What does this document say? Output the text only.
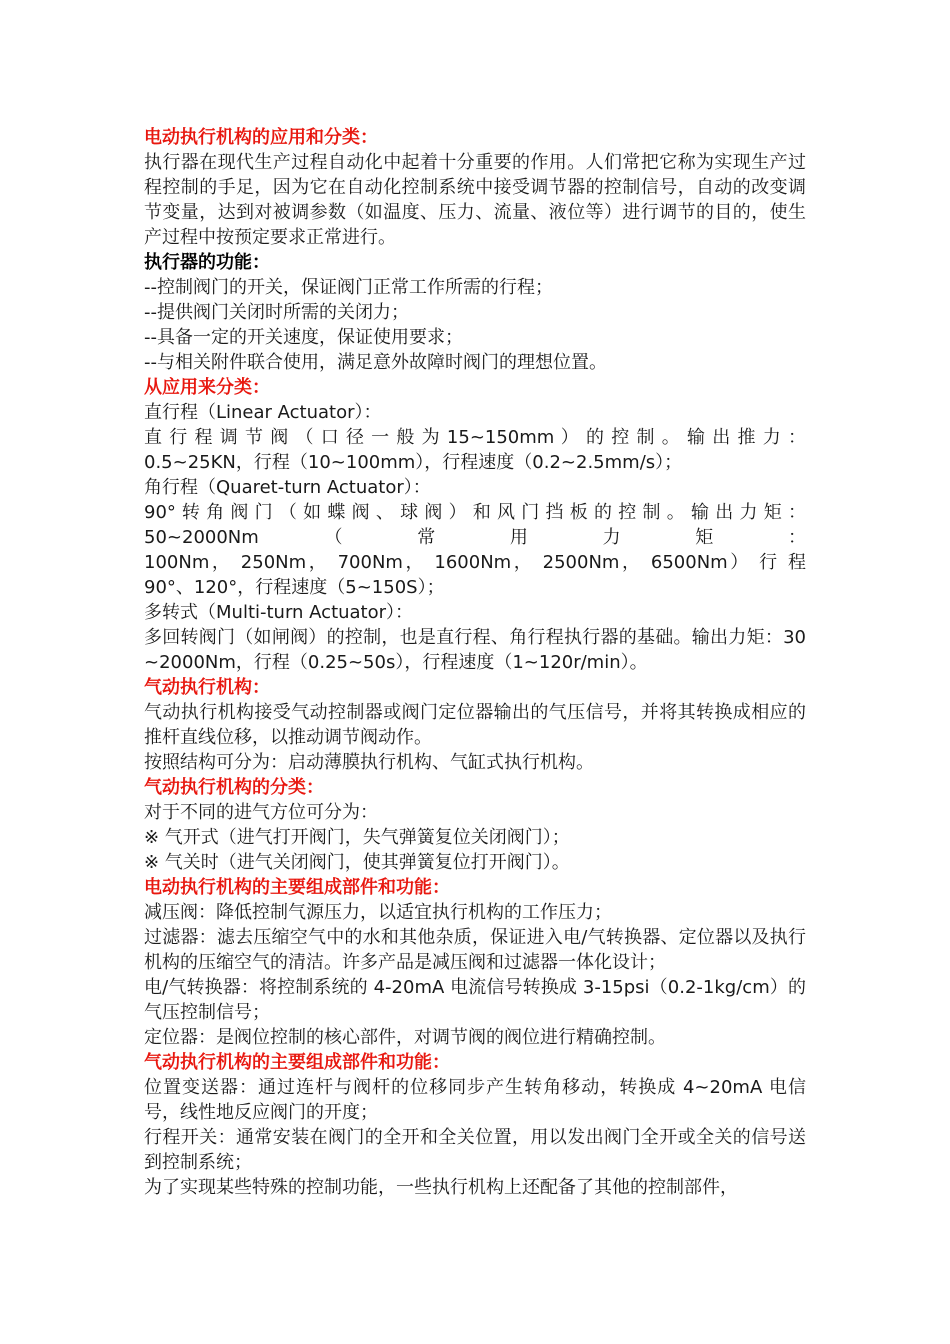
电动执行机构的应用和分类：

执行器在现代生产过程自动化中起着十分重要的作用。人们常把它称为实现生产过程控制的手足，因为它在自动化控制系统中接受调节器的控制信号，自动的改变调节变量，达到对被调参数（如温度、压力、流量、液位等）进行调节的目的，使生产过程中按预定要求正常进行。

执行器的功能：

--控制阀门的开关，保证阀门正常工作所需的行程；

--提供阀门关闭时所需的关闭力；

--具备一定的开关速度，保证使用要求；

--与相关附件联合使用，满足意外故障时阀门的理想位置。

从应用来分类：

直行程（Linear Actuator）：

直 行 程 调 节 阀 （ 口 径 一 般 为 15~150mm ） 的 控 制 。 输 出 推 力 ：

0.5~25KN，行程（10~100mm），行程速度（0.2~2.5mm/s）；

角行程（Quaret-turn Actuator）：

90° 转 角 阀 门 （ 如 蝶 阀 、 球 阀 ） 和 风 门 挡 板 的 控 制 。 输 出 力 矩 ：

50~2000Nm　　　（　　　常　　　用　　　力　　　矩　　　：

100Nm， 250Nm， 700Nm， 1600Nm， 2500Nm， 6500Nm） 行 程

90°、120°，行程速度（5~150S）；

多转式（Multi-turn Actuator）：

多回转阀门（如闸阀）的控制，也是直行程、角行程执行器的基础。输出力矩：30~2000Nm，行程（0.25~50s），行程速度（1~120r/min）。

气动执行机构：

气动执行机构接受气动控制器或阀门定位器输出的气压信号，并将其转换成相应的推杆直线位移，以推动调节阀动作。

按照结构可分为：启动薄膜执行机构、气缸式执行机构。

气动执行机构的分类：

对于不同的进气方位可分为：

※ 气开式（进气打开阀门，失气弹簧复位关闭阀门）；

※ 气关时（进气关闭阀门，使其弹簧复位打开阀门）。

电动执行机构的主要组成部件和功能：

减压阀：降低控制气源压力，以适宜执行机构的工作压力；

过滤器：滤去压缩空气中的水和其他杂质，保证进入电/气转换器、定位器以及执行机构的压缩空气的清洁。许多产品是减压阀和过滤器一体化设计；

电/气转换器：将控制系统的 4-20mA 电流信号转换成 3-15psi（0.2-1kg/cm）的气压控制信号；

定位器：是阀位控制的核心部件，对调节阀的阀位进行精确控制。

气动执行机构的主要组成部件和功能：

位置变送器：通过连杆与阀杆的位移同步产生转角移动，转换成 4~20mA 电信号，线性地反应阀门的开度；

行程开关：通常安装在阀门的全开和全关位置，用以发出阀门全开或全关的信号送到控制系统；

为了实现某些特殊的控制功能，一些执行机构上还配备了其他的控制部件，
